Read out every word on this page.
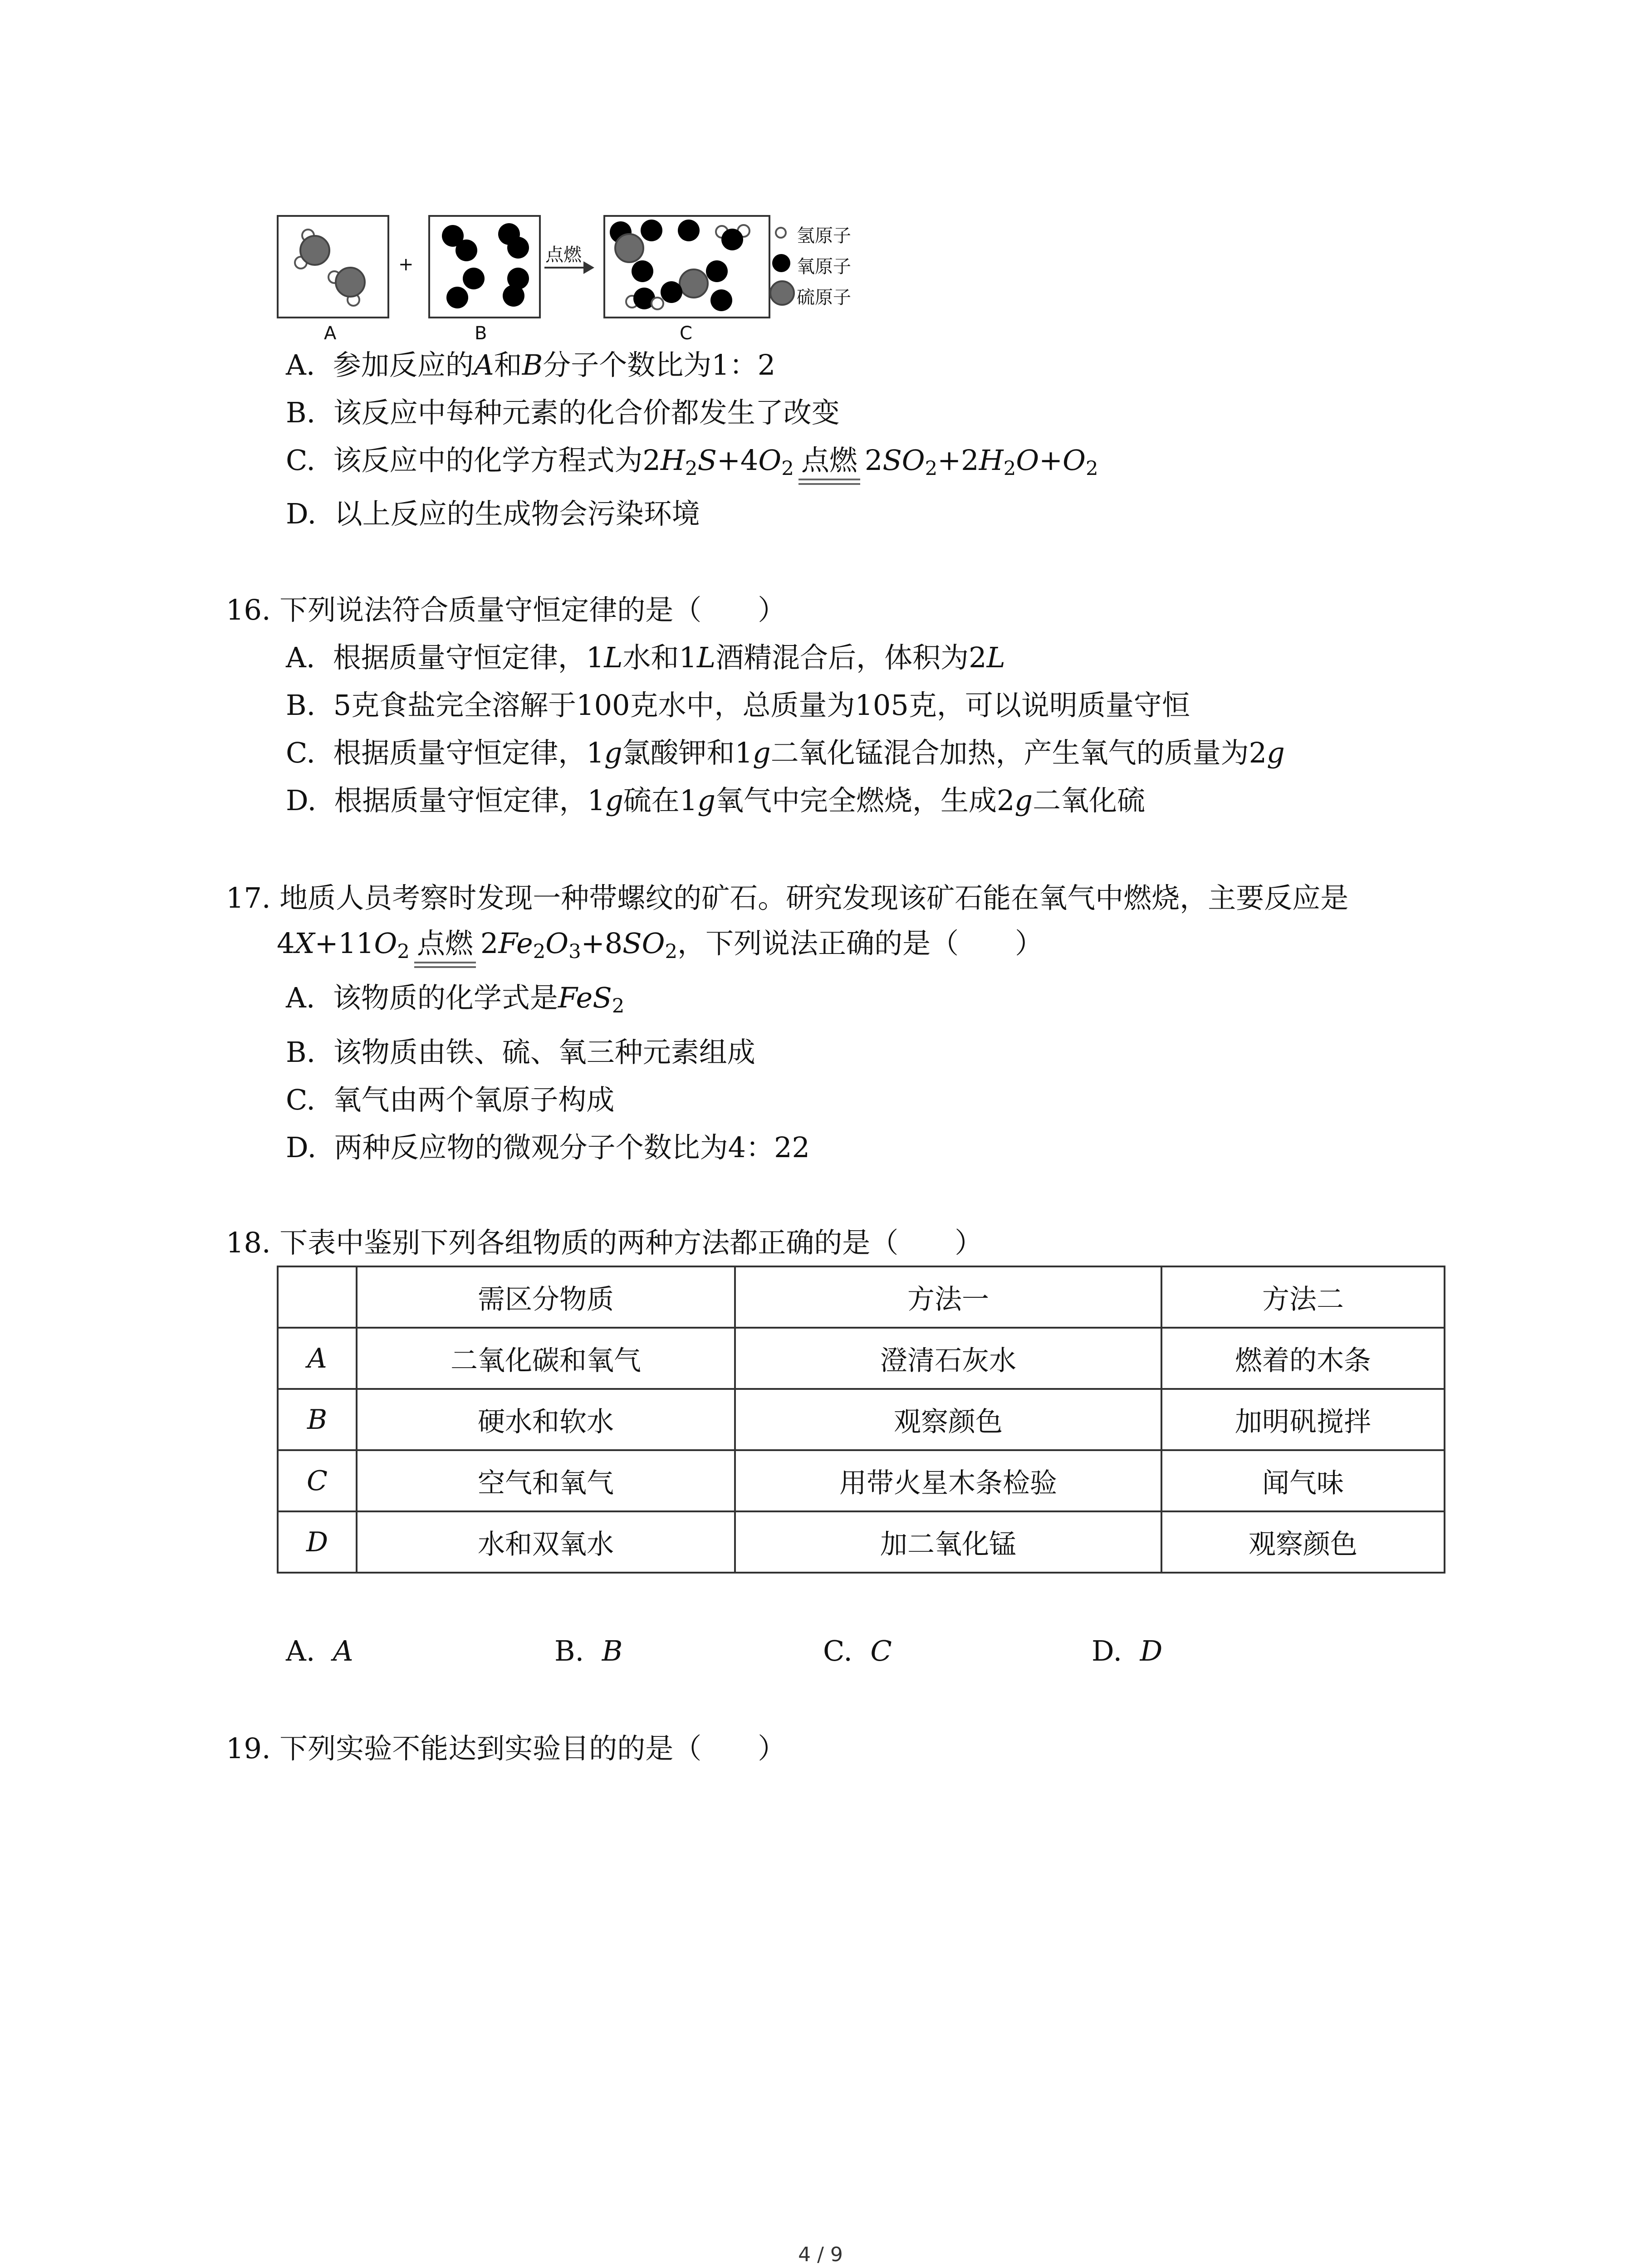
A
+
B
点燃
C
氢原子
氧原子
硫原子
A.  参加反应的A和B分子个数比为1：2
B. 该反应中每种元素的化合价都发生了改变
C.  该反应中的化学方程式为$2H_2S+4O_2$ 点燃 $2SO_2+2H_2O+O_2$
D. 以上反应的生成物会污染环境
16. 下列说法符合质量守恒定律的是（　　）
A.  根据质量守恒定律，1L水和1L酒精混合后，体积为2L
B. 5克食盐完全溶解于100克水中，总质量为105克，可以说明质量守恒
C.  根据质量守恒定律，1g氯酸钾和1g二氧化锰混合加热，产生氧气的质量为2g
D.  根据质量守恒定律，1g硫在1g氧气中完全燃烧，生成2g二氧化硫
17. 地质人员考察时发现一种带螺纹的矿石。研究发现该矿石能在氧气中燃烧，主要反应是
$4X+11O_2$ 点燃 $2Fe_2O_3+8SO_2$，下列说法正确的是（　　）
A.  该物质的化学式是FeS$_2$
B. 该物质由铁、硫、氧三种元素组成
C. 氧气由两个氧原子构成
D. 两种反应物的微观分子个数比为4：22
18. 下表中鉴别下列各组物质的两种方法都正确的是（　　）
	需区分物质	方法一	方法二
A	二氧化碳和氧气	澄清石灰水	燃着的木条
B	硬水和软水	观察颜色	加明矾搅拌
C	空气和氧气	用带火星木条检验	闻气味
D	水和双氧水	加二氧化锰	观察颜色
A. A	B. B	C. C	D. D
19. 下列实验不能达到实验目的的是（　　）
4 / 9
